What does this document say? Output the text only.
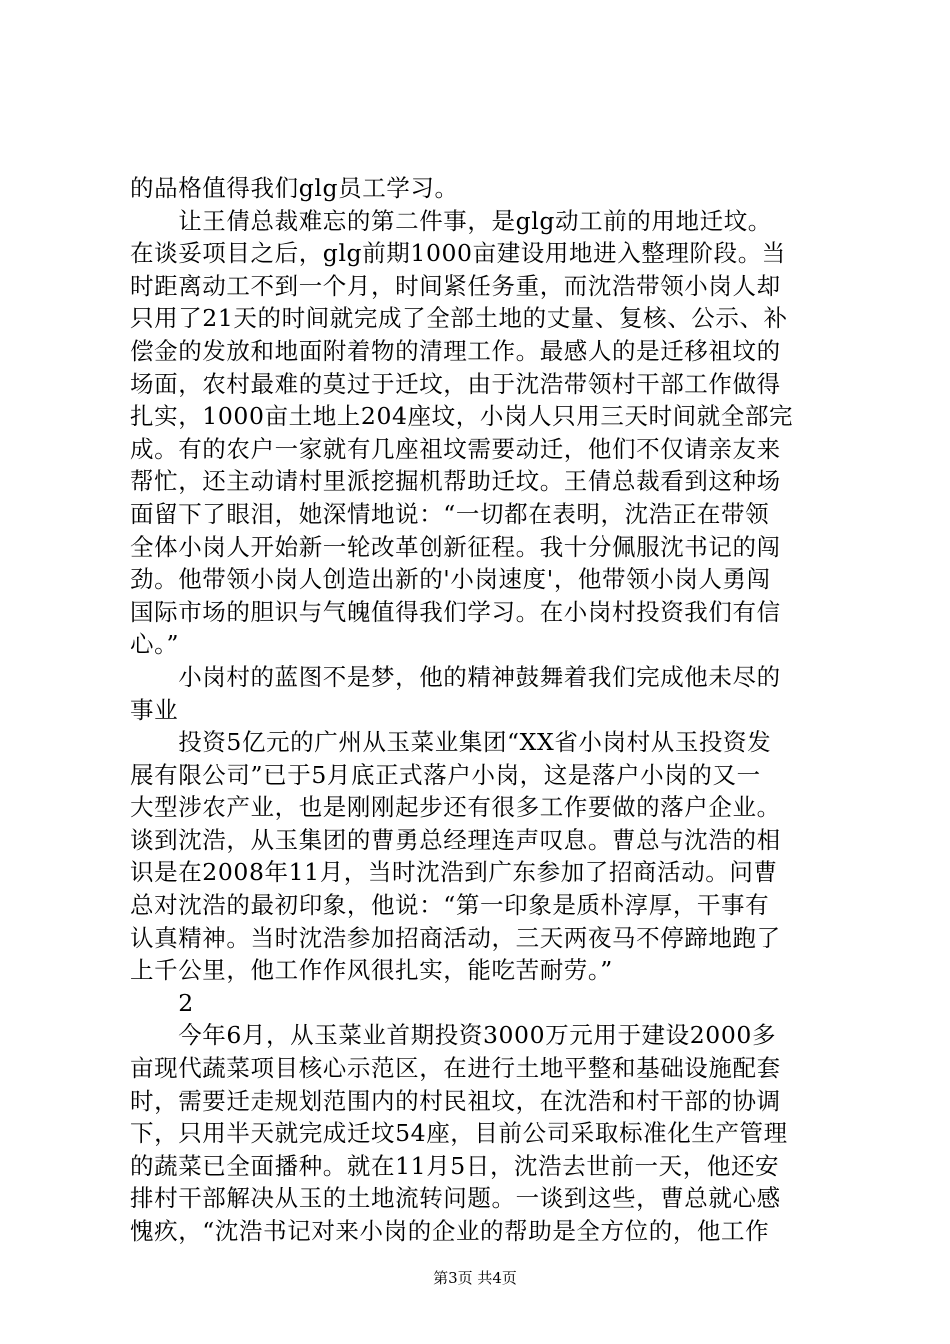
的品格值得我们glg员工学习。
　　让王倩总裁难忘的第二件事，是glg动工前的用地迁坟。
在谈妥项目之后，glg前期1000亩建设用地进入整理阶段。当
时距离动工不到一个月，时间紧任务重，而沈浩带领小岗人却
只用了21天的时间就完成了全部土地的丈量、复核、公示、补
偿金的发放和地面附着物的清理工作。最感人的是迁移祖坟的
场面，农村最难的莫过于迁坟，由于沈浩带领村干部工作做得
扎实，1000亩土地上204座坟，小岗人只用三天时间就全部完
成。有的农户一家就有几座祖坟需要动迁，他们不仅请亲友来
帮忙，还主动请村里派挖掘机帮助迁坟。王倩总裁看到这种场
面留下了眼泪，她深情地说：“一切都在表明，沈浩正在带领
全体小岗人开始新一轮改革创新征程。我十分佩服沈书记的闯
劲。他带领小岗人创造出新的'小岗速度'，他带领小岗人勇闯
国际市场的胆识与气魄值得我们学习。在小岗村投资我们有信
心。”
　　小岗村的蓝图不是梦，他的精神鼓舞着我们完成他未尽的
事业
　　投资5亿元的广州从玉菜业集团“XX省小岗村从玉投资发
展有限公司”已于5月底正式落户小岗，这是落户小岗的又一
大型涉农产业，也是刚刚起步还有很多工作要做的落户企业。
谈到沈浩，从玉集团的曹勇总经理连声叹息。曹总与沈浩的相
识是在2008年11月，当时沈浩到广东参加了招商活动。问曹
总对沈浩的最初印象，他说：“第一印象是质朴淳厚，干事有
认真精神。当时沈浩参加招商活动，三天两夜马不停蹄地跑了
上千公里，他工作作风很扎实，能吃苦耐劳。”
　　2
　　今年6月，从玉菜业首期投资3000万元用于建设2000多
亩现代蔬菜项目核心示范区，在进行土地平整和基础设施配套
时，需要迁走规划范围内的村民祖坟，在沈浩和村干部的协调
下，只用半天就完成迁坟54座，目前公司采取标准化生产管理
的蔬菜已全面播种。就在11月5日，沈浩去世前一天，他还安
排村干部解决从玉的土地流转问题。一谈到这些，曹总就心感
愧疚，“沈浩书记对来小岗的企业的帮助是全方位的，他工作
第3页 共4页
